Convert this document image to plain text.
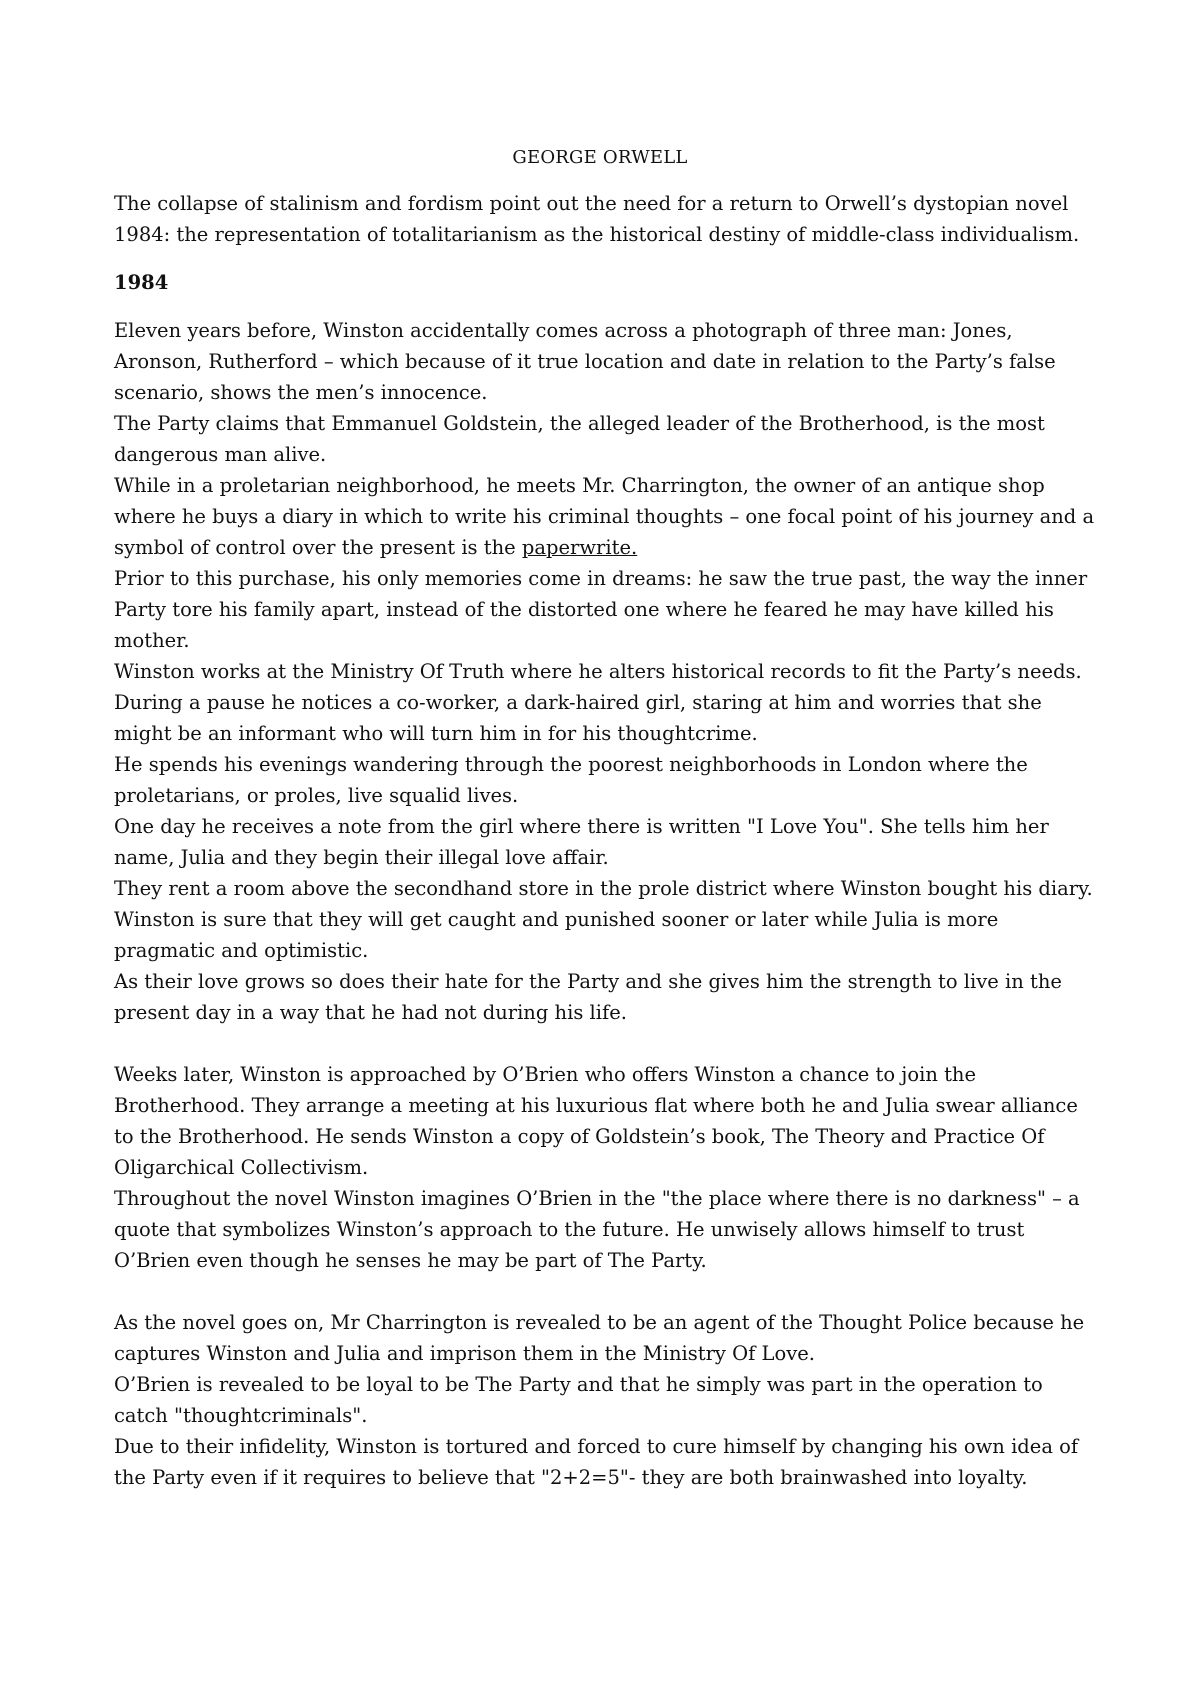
GEORGE ORWELL

The collapse of stalinism and fordism point out the need for a return to Orwell’s dystopian novel 1984: the representation of totalitarianism as the historical destiny of middle-class individualism.

1984

Eleven years before, Winston accidentally comes across a photograph of three man: Jones, Aronson, Rutherford – which because of it true location and date in relation to the Party’s false scenario, shows the men’s innocence.

The Party claims that Emmanuel Goldstein, the alleged leader of the Brotherhood, is the most dangerous man alive.

While in a proletarian neighborhood, he meets Mr. Charrington, the owner of an antique shop where he buys a diary in which to write his criminal thoughts – one focal point of his journey and a symbol of control over the present is the paperwrite.

Prior to this purchase, his only memories come in dreams: he saw the true past, the way the inner Party tore his family apart, instead of the distorted one where he feared he may have killed his mother.

Winston works at the Ministry Of Truth where he alters historical records to fit the Party’s needs. During a pause he notices a co-worker, a dark-haired girl, staring at him and worries that she might be an informant who will turn him in for his thoughtcrime.

He spends his evenings wandering through the poorest neighborhoods in London where the proletarians, or proles, live squalid lives.

One day he receives a note from the girl where there is written "I Love You". She tells him her name, Julia and they begin their illegal love affair.

They rent a room above the secondhand store in the prole district where Winston bought his diary. Winston is sure that they will get caught and punished sooner or later while Julia is more pragmatic and optimistic.

As their love grows so does their hate for the Party and she gives him the strength to live in the present day in a way that he had not during his life.

Weeks later, Winston is approached by O’Brien who offers Winston a chance to join the Brotherhood. They arrange a meeting at his luxurious flat where both he and Julia swear alliance to the Brotherhood. He sends Winston a copy of Goldstein’s book, The Theory and Practice Of Oligarchical Collectivism.

Throughout the novel Winston imagines O’Brien in the "the place where there is no darkness" – a quote that symbolizes Winston’s approach to the future. He unwisely allows himself to trust O’Brien even though he senses he may be part of The Party.

As the novel goes on, Mr Charrington is revealed to be an agent of the Thought Police because he captures Winston and Julia and imprison them in the Ministry Of Love.

O’Brien is revealed to be loyal to be The Party and that he simply was part in the operation to catch "thoughtcriminals".

Due to their infidelity, Winston is tortured and forced to cure himself by changing his own idea of the Party even if it requires to believe that "2+2=5"- they are both brainwashed into loyalty.
